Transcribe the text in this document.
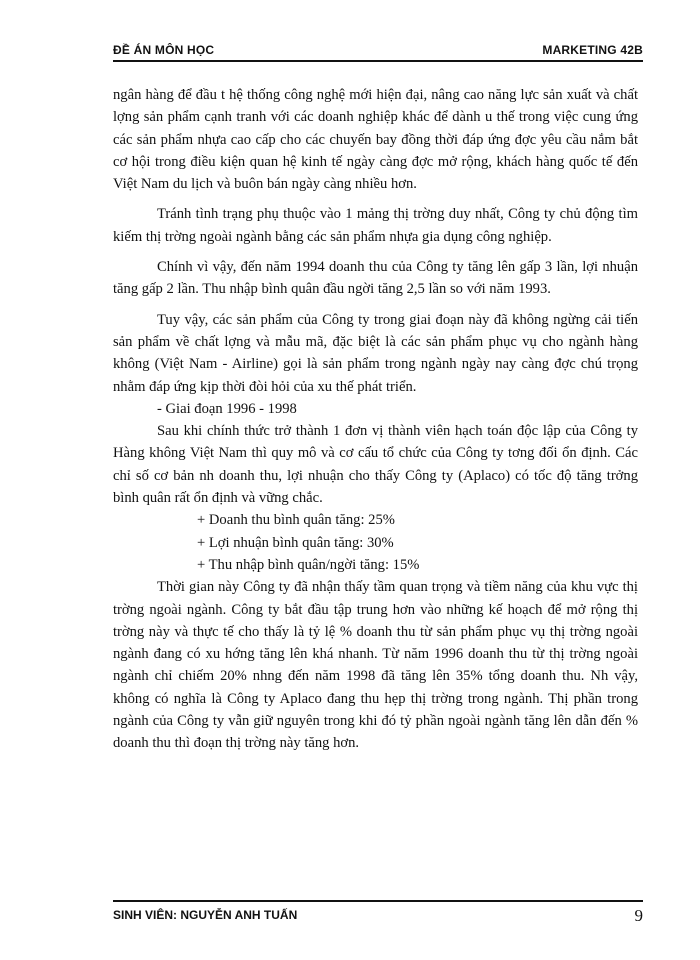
ĐỀ ÁN MÔN HỌC	MARKETING 42B

ngân hàng để đầu t hệ thống công nghệ mới hiện đại, nâng cao năng lực sản xuất và chất lợng sản phẩm cạnh tranh với các doanh nghiệp khác để dành u thế trong việc cung ứng các sản phẩm nhựa cao cấp cho các chuyến bay đồng thời đáp ứng đợc yêu cầu nắm bắt cơ hội trong điều kiện quan hệ kinh tế ngày càng đợc mở rộng, khách hàng quốc tế đến Việt Nam du lịch và buôn bán ngày càng nhiều hơn.

Tránh tình trạng phụ thuộc vào 1 mảng thị trờng duy nhất, Công ty chủ động tìm kiếm thị trờng ngoài ngành bằng các sản phẩm nhựa gia dụng công nghiệp.

Chính vì vậy, đến năm 1994 doanh thu của Công ty tăng lên gấp 3 lần, lợi nhuận tăng gấp 2 lần. Thu nhập bình quân đầu ngời tăng 2,5 lần so với năm 1993.

Tuy vậy, các sản phẩm của Công ty trong giai đoạn này đã không ngừng cải tiến sản phẩm về chất lợng và mẫu mã, đặc biệt là các sản phẩm phục vụ cho ngành hàng không (Việt Nam - Airline) gọi là sản phẩm trong ngành ngày nay càng đợc chú trọng nhằm đáp ứng kịp thời đòi hỏi của xu thế phát triển.

- Giai đoạn 1996 - 1998

Sau khi chính thức trở thành 1 đơn vị thành viên hạch toán độc lập của Công ty Hàng không Việt Nam thì quy mô và cơ cấu tổ chức của Công ty tơng đối ổn định. Các chỉ số cơ bản nh doanh thu, lợi nhuận cho thấy Công ty (Aplaco) có tốc độ tăng trởng bình quân rất ổn định và vững chắc.

+ Doanh thu bình quân tăng: 25%

+ Lợi nhuận bình quân tăng: 30%

+ Thu nhập bình quân/ngời tăng: 15%

Thời gian này Công ty đã nhận thấy tầm quan trọng và tiềm năng của khu vực thị trờng ngoài ngành. Công ty bắt đầu tập trung hơn vào những kế hoạch để mở rộng thị trờng này và thực tế cho thấy là tỷ lệ % doanh thu từ sản phẩm phục vụ thị trờng ngoài ngành đang có xu hớng tăng lên khá nhanh. Từ năm 1996 doanh thu từ thị trờng ngoài ngành chỉ chiếm 20% nhng đến năm 1998 đã tăng lên 35% tổng doanh thu. Nh vậy, không có nghĩa là Công ty Aplaco đang thu hẹp thị trờng trong ngành. Thị phần trong ngành của Công ty vẫn giữ nguyên trong khi đó tỷ phần ngoài ngành tăng lên dẫn đến % doanh thu thì đoạn thị trờng này tăng hơn.

SINH VIÊN: NGUYỄN ANH TUẤN	9
